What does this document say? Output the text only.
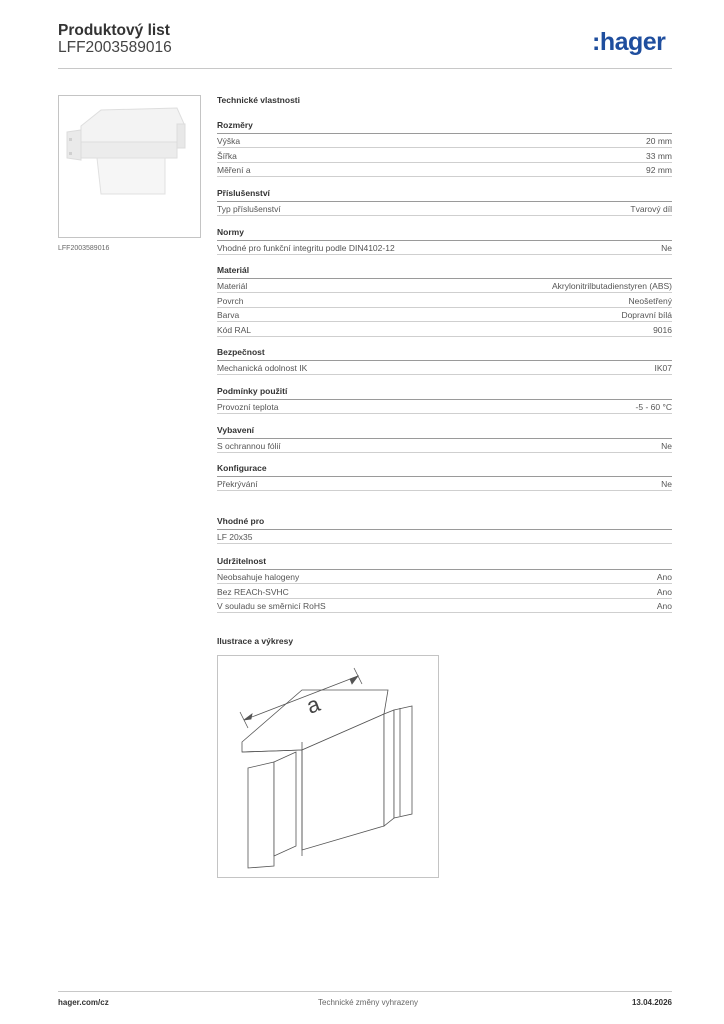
Produktový list
LFF2003589016	:hager
LFF2003589016
Technické vlastnosti
Rozměry
Výška	20 mm
Šířka	33 mm
Měření a	92 mm
Příslušenství
Typ příslušenství	Tvarový díl
Normy
Vhodné pro funkční integritu podle DIN4102-12	Ne
Materiál
Materiál	Akrylonitrilbutadienstyren (ABS)
Povrch	Neošetřený
Barva	Dopravní bílá
Kód RAL	9016
Bezpečnost
Mechanická odolnost IK	IK07
Podmínky použití
Provozní teplota	-5 - 60 °C
Vybavení
S ochrannou fólií	Ne
Konfigurace
Překrývání	Ne
Vhodné pro
LF 20x35
Udržitelnost
Neobsahuje halogeny	Ano
Bez REACh-SVHC	Ano
V souladu se směrnicí RoHS	Ano
Ilustrace a výkresy
a
hager.com/cz	Technické změny vyhrazeny	13.04.2026
